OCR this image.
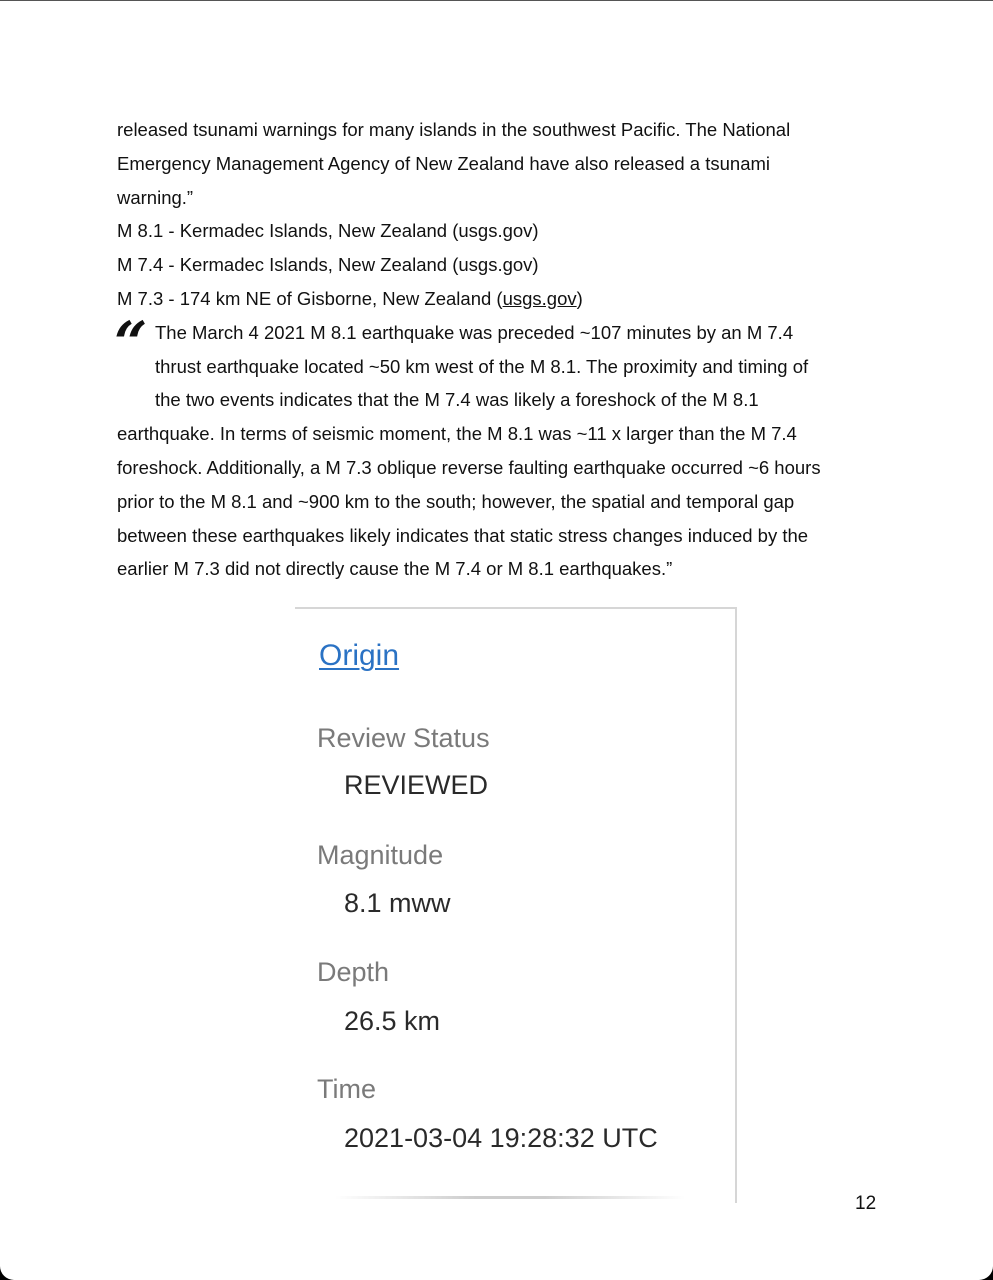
released tsunami warnings for many islands in the southwest Pacific. The National
Emergency Management Agency of New Zealand have also released a tsunami
warning.”
M 8.1 - Kermadec Islands, New Zealand (usgs.gov)
M 7.4 - Kermadec Islands, New Zealand (usgs.gov)
M 7.3 - 174 km NE of Gisborne, New Zealand (usgs.gov)
“ The March 4 2021 M 8.1 earthquake was preceded ~107 minutes by an M 7.4
thrust earthquake located ~50 km west of the M 8.1. The proximity and timing of
the two events indicates that the M 7.4 was likely a foreshock of the M 8.1
earthquake. In terms of seismic moment, the M 8.1 was ~11 x larger than the M 7.4
foreshock. Additionally, a M 7.3 oblique reverse faulting earthquake occurred ~6 hours
prior to the M 8.1 and ~900 km to the south; however, the spatial and temporal gap
between these earthquakes likely indicates that static stress changes induced by the
earlier M 7.3 did not directly cause the M 7.4 or M 8.1 earthquakes.”
Origin
Review Status
REVIEWED
Magnitude
8.1 mww
Depth
26.5 km
Time
2021-03-04 19:28:32 UTC
12
